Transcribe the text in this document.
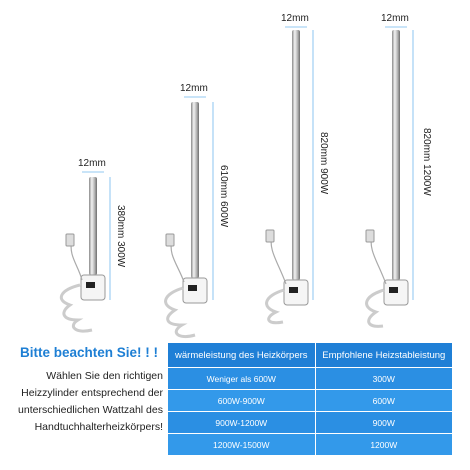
12mm
12mm
12mm	12mm
380mm 300W
610mm 600W
820mm 900W	820mm 1200W
Bitte beachten Sie! ! !
Wählen Sie den richtigen
Heizzylinder entsprechend der
unterschiedlichen Wattzahl des
Handtuchhalterheizkörpers!
wärmeleistung des Heizkörpers	Empfohlene Heizstableistung
Weniger als 600W	300W
600W-900W	600W
900W-1200W	900W
1200W-1500W	1200W
